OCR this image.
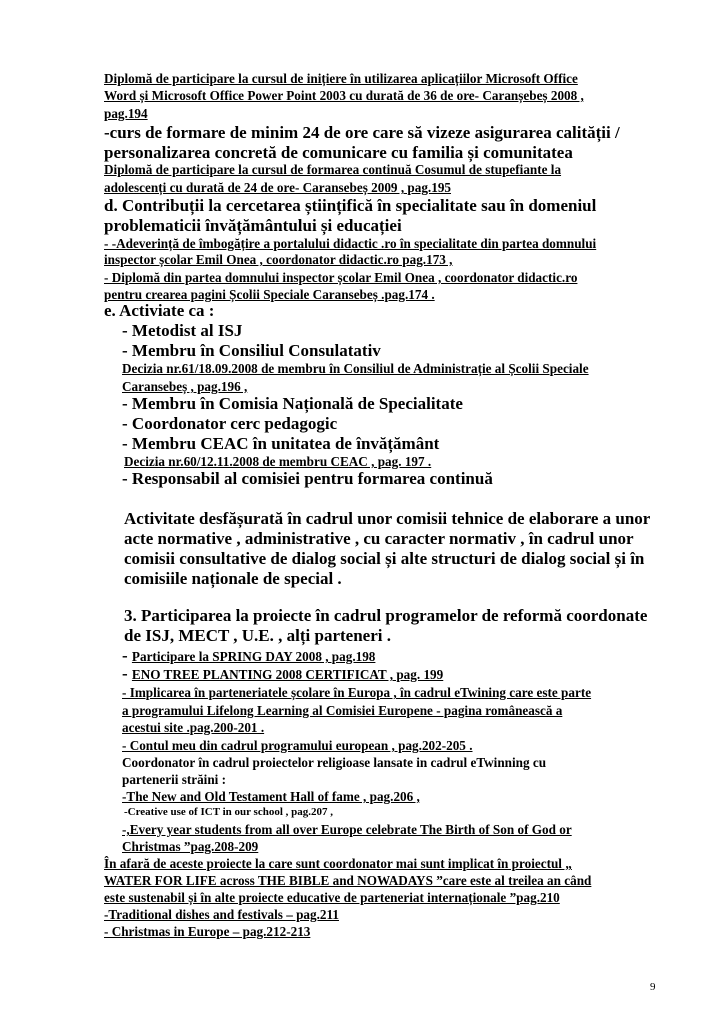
Diplomă de participare la cursul de inițiere în utilizarea aplicațiilor Microsoft Office
Word și Microsoft Office Power Point 2003 cu durată de 36 de ore- Caranșebeș 2008 ,
pag.194
-curs de formare de minim 24 de ore care să vizeze asigurarea calității /
personalizarea concretă de comunicare cu familia și comunitatea
Diplomă de participare la cursul de formarea continuă Cosumul de stupefiante la
adolescenți cu durată de 24 de ore- Caransebeș 2009 , pag.195
d. Contribuții la cercetarea științifică în specialitate sau în domeniul
problematicii învățământului și educației
- -Adeverință de îmbogățire a portalului didactic .ro în specialitate din partea domnului
inspector școlar Emil Onea , coordonator didactic.ro pag.173 ,
- Diplomă din partea domnului inspector școlar Emil Onea , coordonator didactic.ro
pentru crearea pagini Școlii Speciale Caransebeș .pag.174 .
e. Activiate ca :
- Metodist al ISJ
- Membru în Consiliul Consulatativ
Decizia nr.61/18.09.2008 de membru în Consiliul de Administrație al Școlii Speciale
Caransebeș , pag.196 ,
- Membru în Comisia Națională de Specialitate
- Coordonator cerc pedagogic
- Membru CEAC în unitatea de învățământ
Decizia nr.60/12.11.2008 de membru CEAC , pag. 197 .
- Responsabil al comisiei pentru formarea continuă
Activitate desfășurată în cadrul unor comisii tehnice de elaborare a unor
acte normative , administrative , cu caracter normativ , în cadrul unor
comisii consultative de dialog social și alte structuri de dialog social și în
comisiile naționale de special .
3. Participarea la proiecte în cadrul programelor de reformă coordonate
de ISJ, MECT , U.E. , alți parteneri .
- Participare la SPRING DAY 2008 , pag.198
- ENO TREE PLANTING 2008 CERTIFICAT , pag. 199
- Implicarea în parteneriatele școlare în Europa , în cadrul eTwining care este parte
a programului Lifelong Learning al Comisiei Europene - pagina românească a
acestui site .pag.200-201 .
- Contul meu din cadrul programului european , pag.202-205 .
Coordonator în cadrul proiectelor religioase lansate in cadrul eTwinning cu
partenerii străini :
-The New and Old Testament Hall of fame , pag.206 ,
-Creative use of ICT in our school , pag.207 ,
-,Every year students from all over Europe celebrate The Birth of Son of God or
Christmas ”pag.208-209
În afară de aceste proiecte la care sunt coordonator mai sunt implicat în proiectul „
WATER FOR LIFE across THE BIBLE and NOWADAYS ”care este al treilea an când
este sustenabil și în alte proiecte educative de parteneriat internaționale ”pag.210
-Traditional dishes and festivals – pag.211
- Christmas in Europe – pag.212-213
9
